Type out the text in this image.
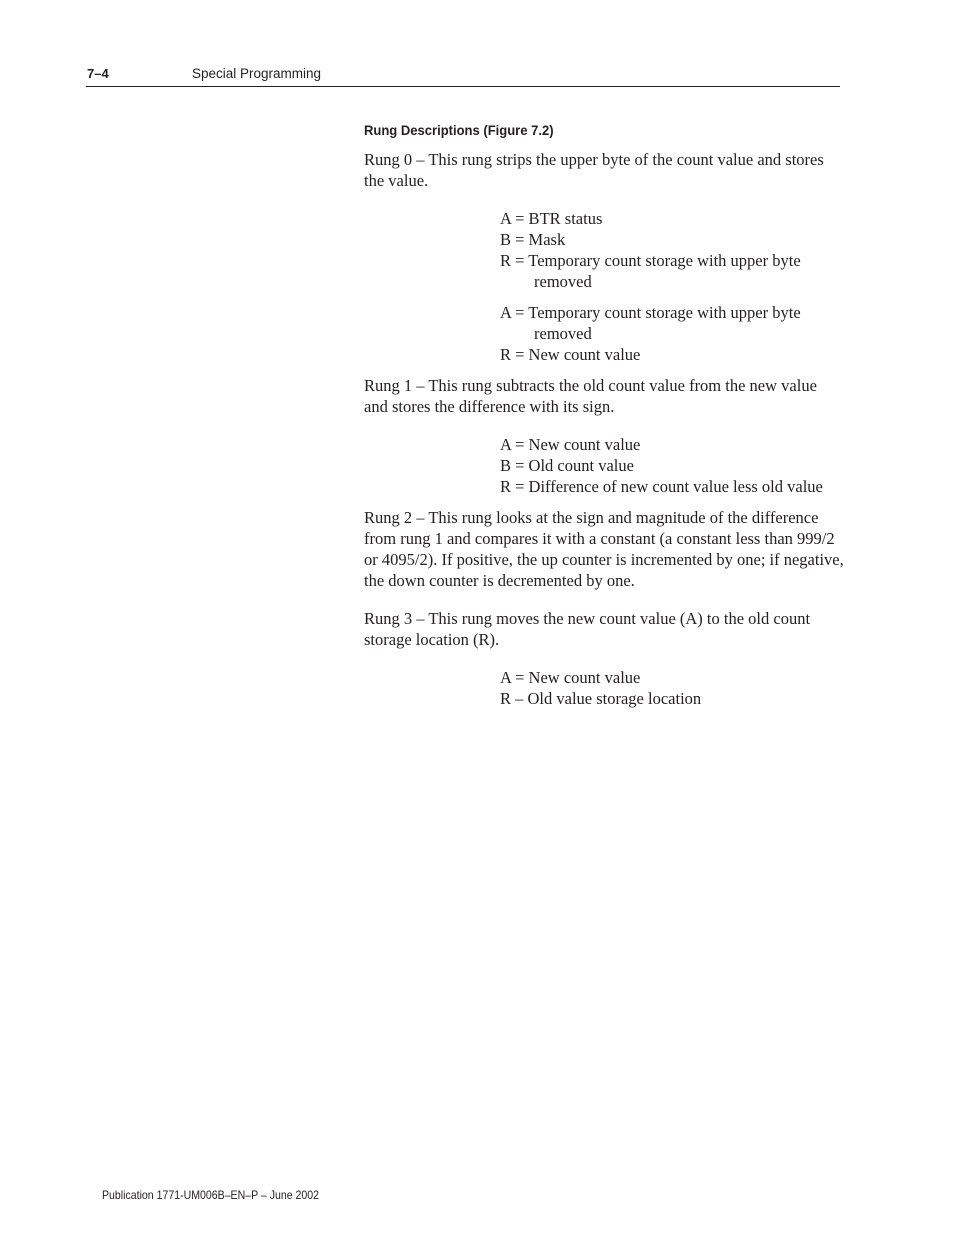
7–4	Special Programming
Rung Descriptions (Figure 7.2)

Rung 0 – This rung strips the upper byte of the count value and stores the value.

A = BTR status
B = Mask
R = Temporary count storage with upper byte
removed
A = Temporary count storage with upper byte
removed
R = New count value

Rung 1 – This rung subtracts the old count value from the new value and stores the difference with its sign.

A = New count value
B = Old count value
R = Difference of new count value less old value

Rung 2 – This rung looks at the sign and magnitude of the difference from rung 1 and compares it with a constant (a constant less than 999/2 or 4095/2). If positive, the up counter is incremented by one; if negative, the down counter is decremented by one.

Rung 3 – This rung moves the new count value (A) to the old count storage location (R).

A = New count value
R – Old value storage location
Publication 1771-UM006B–EN–P – June 2002
